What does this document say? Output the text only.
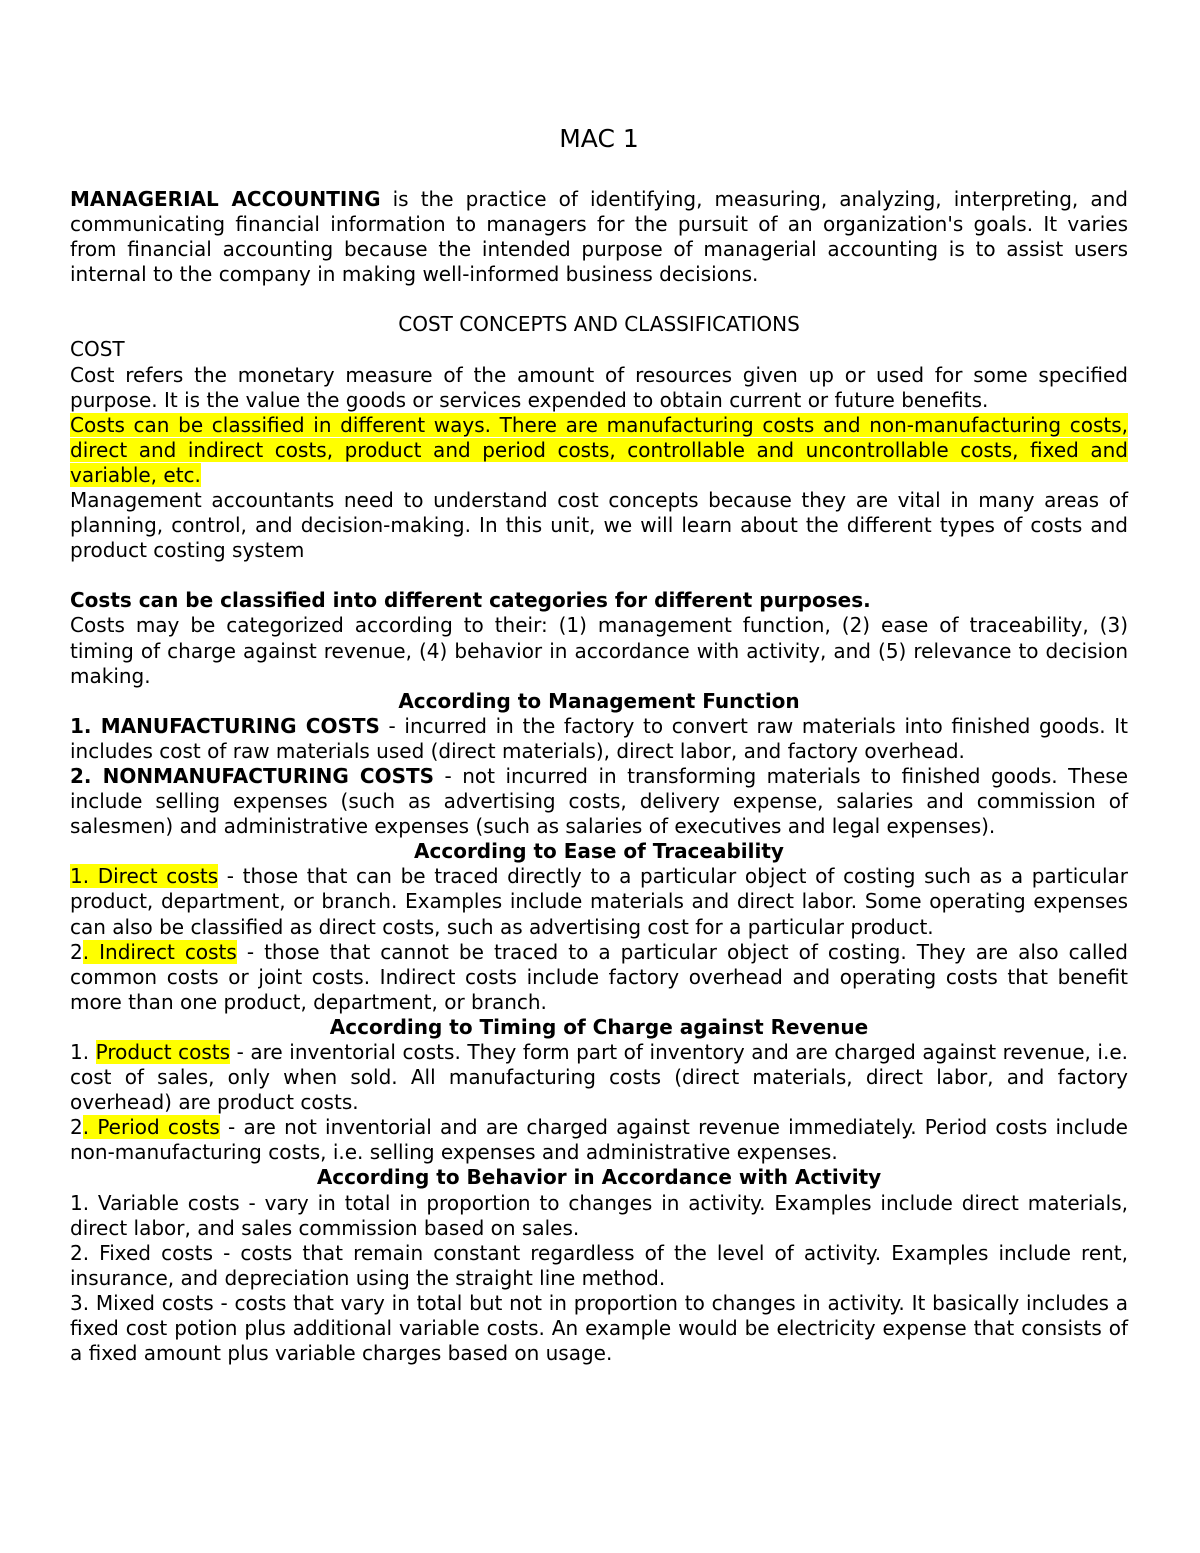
MAC 1

MANAGERIAL ACCOUNTING is the practice of identifying, measuring, analyzing, interpreting, and communicating financial information to managers for the pursuit of an organization's goals. It varies from financial accounting because the intended purpose of managerial accounting is to assist users internal to the company in making well-informed business decisions.

COST CONCEPTS AND CLASSIFICATIONS

COST

Cost refers the monetary measure of the amount of resources given up or used for some specified purpose. It is the value the goods or services expended to obtain current or future benefits.

Costs can be classified in different ways. There are manufacturing costs and non-manufacturing costs, direct and indirect costs, product and period costs, controllable and uncontrollable costs, fixed and variable, etc.

Management accountants need to understand cost concepts because they are vital in many areas of planning, control, and decision-making. In this unit, we will learn about the different types of costs and product costing system

Costs can be classified into different categories for different purposes.

Costs may be categorized according to their: (1) management function, (2) ease of traceability, (3) timing of charge against revenue, (4) behavior in accordance with activity, and (5) relevance to decision making.

According to Management Function

1. MANUFACTURING COSTS - incurred in the factory to convert raw materials into finished goods. It includes cost of raw materials used (direct materials), direct labor, and factory overhead.

2. NONMANUFACTURING COSTS - not incurred in transforming materials to finished goods. These include selling expenses (such as advertising costs, delivery expense, salaries and commission of salesmen) and administrative expenses (such as salaries of executives and legal expenses).

According to Ease of Traceability

1. Direct costs - those that can be traced directly to a particular object of costing such as a particular product, department, or branch. Examples include materials and direct labor. Some operating expenses can also be classified as direct costs, such as advertising cost for a particular product.

2. Indirect costs - those that cannot be traced to a particular object of costing. They are also called common costs or joint costs. Indirect costs include factory overhead and operating costs that benefit more than one product, department, or branch.

According to Timing of Charge against Revenue

1. Product costs - are inventorial costs. They form part of inventory and are charged against revenue, i.e. cost of sales, only when sold. All manufacturing costs (direct materials, direct labor, and factory overhead) are product costs.

2. Period costs - are not inventorial and are charged against revenue immediately. Period costs include non-manufacturing costs, i.e. selling expenses and administrative expenses.

According to Behavior in Accordance with Activity

1. Variable costs - vary in total in proportion to changes in activity. Examples include direct materials, direct labor, and sales commission based on sales.

2. Fixed costs - costs that remain constant regardless of the level of activity. Examples include rent, insurance, and depreciation using the straight line method.

3. Mixed costs - costs that vary in total but not in proportion to changes in activity. It basically includes a fixed cost potion plus additional variable costs. An example would be electricity expense that consists of a fixed amount plus variable charges based on usage.
